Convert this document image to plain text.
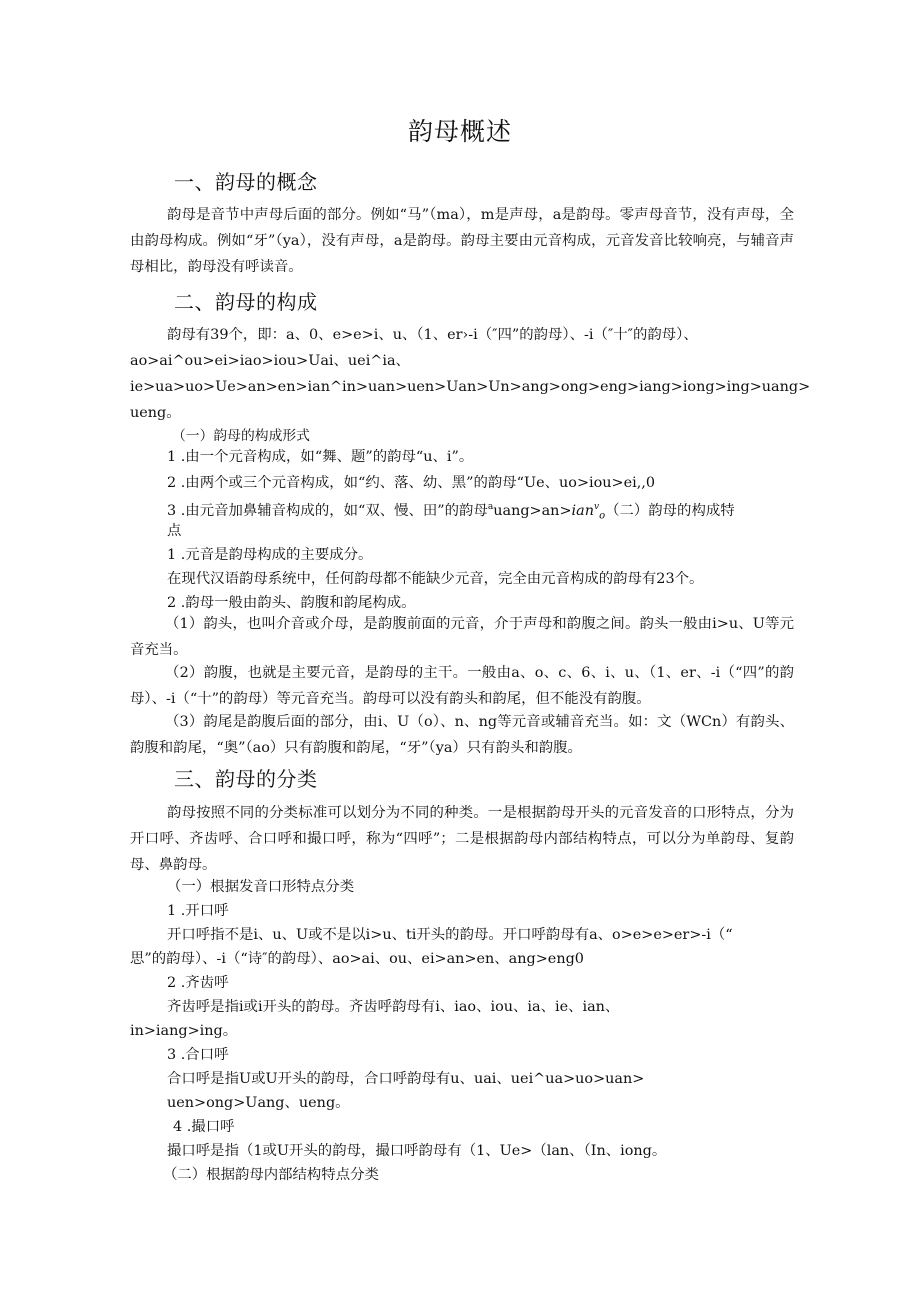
韵母概述
一、韵母的概念
韵母是音节中声母后面的部分。例如“马”（ma），m是声母，a是韵母。零声母音节，没有声母，全由韵母构成。例如“牙”（ya），没有声母，a是韵母。韵母主要由元音构成，元音发音比较响亮，与辅音声母相比，韵母没有呼读音。
二、韵母的构成
韵母有39个，即：a、0、e>e>i、u、（1、er›-i（″四”的韵母）、-i（″十″的韵母）、
ao>ai^ou>ei>iao>iou>Uai、uei^ia、
ie>ua>uo>Ue>an>en>ian^in>uan>uen>Uan>Un>ang>ong>eng>iang>iong>ing>uang>
ueng。
（一）韵母的构成形式
1 .由一个元音构成，如“舞、题”的韵母“u、i”。
2 .由两个或三个元音构成，如“约、落、幼、黑”的韵母“Ue、uo>iou>ei,,0
3 .由元音加鼻辅音构成的，如“双、慢、田”的韵母$^a$uang>an>ian$^v_o$（二）韵母的构成特
点
1 .元音是韵母构成的主要成分。
在现代汉语韵母系统中，任何韵母都不能缺少元音，完全由元音构成的韵母有23个。
2 .韵母一般由韵头、韵腹和韵尾构成。
（1）韵头，也叫介音或介母，是韵腹前面的元音，介于声母和韵腹之间。韵头一般由i>u、U等元音充当。
（2）韵腹，也就是主要元音，是韵母的主干。一般由a、o、c、6、i、u、（1、er、-i（“四”的韵母）、-i（“十”的韵母）等元音充当。韵母可以没有韵头和韵尾，但不能没有韵腹。
（3）韵尾是韵腹后面的部分，由i、U（o）、n、ng等元音或辅音充当。如：文（WCn）有韵头、韵腹和韵尾，“奥”（ao）只有韵腹和韵尾，“牙”（ya）只有韵头和韵腹。
三、韵母的分类
韵母按照不同的分类标准可以划分为不同的种类。一是根据韵母开头的元音发音的口形特点，分为开口呼、齐齿呼、合口呼和撮口呼，称为“四呼”；二是根据韵母内部结构特点，可以分为单韵母、复韵母、鼻韵母。
（一）根据发音口形特点分类
1 .开口呼
开口呼指不是i、u、U或不是以i>u、ti开头的韵母。开口呼韵母有a、o>e>e>er>-i（“
思”的韵母）、-i（“诗″的韵母）、ao>ai、ou、ei>an>en、ang>eng0
2 .齐齿呼
齐齿呼是指i或i开头的韵母。齐齿呼韵母有i、iao、iou、ia、ie、ian、
in>iang>ing。
3 .合口呼
合口呼是指U或U开头的韵母，合口呼韵母有u、uai、uei^ua>uo>uan>
uen>ong>Uang、ueng。
4 .撮口呼
撮口呼是指（1或U开头的韵母，撮口呼韵母有（1、Ue>（lan、（In、iong。
（二）根据韵母内部结构特点分类
